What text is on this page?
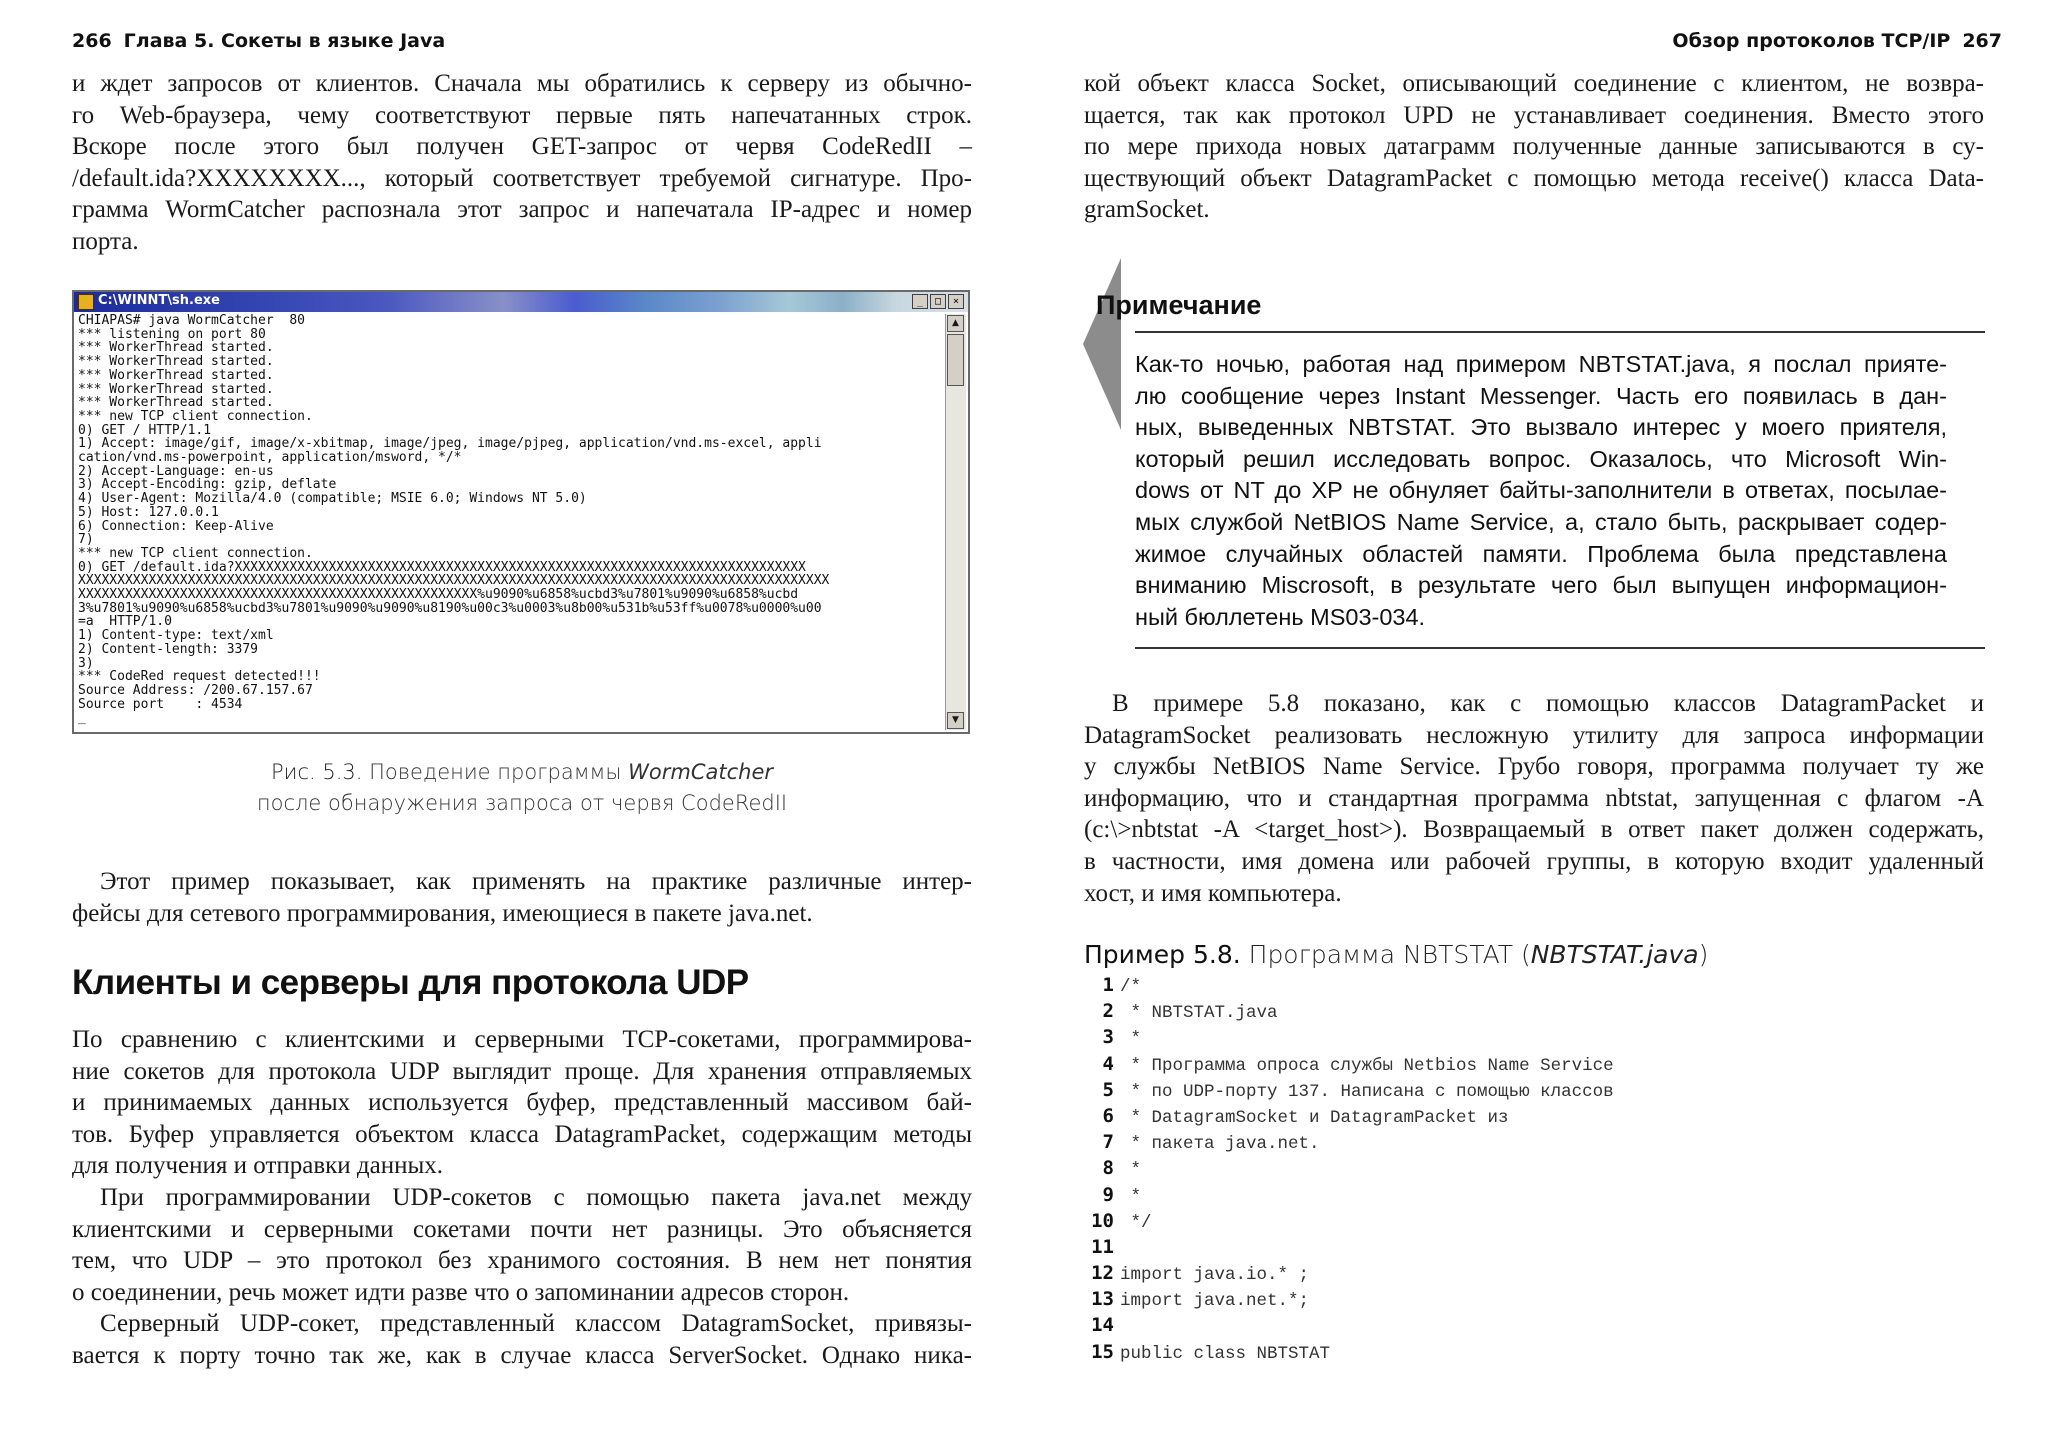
266 Глава 5. Сокеты в языке Java
и ждет запросов от клиентов. Сначала мы обратились к серверу из обычно-
го Web-браузера, чему соответствуют первые пять напечатанных строк.
Вскоре после этого был получен GET-запрос от червя CodeRedII –
/default.ida?XXXXXXXX..., который соответствует требуемой сигнатуре. Про-
грамма WormCatcher распознала этот запрос и напечатала IP-адрес и номер
порта.
C:\WINNT\sh.exe	_	□	×
CHIAPAS# java WormCatcher  80
*** listening on port 80
*** WorkerThread started.
*** WorkerThread started.
*** WorkerThread started.
*** WorkerThread started.
*** WorkerThread started.
*** new TCP client connection.
0) GET / HTTP/1.1
1) Accept: image/gif, image/x-xbitmap, image/jpeg, image/pjpeg, application/vnd.ms-excel, appli
cation/vnd.ms-powerpoint, application/msword, */*
2) Accept-Language: en-us
3) Accept-Encoding: gzip, deflate
4) User-Agent: Mozilla/4.0 (compatible; MSIE 6.0; Windows NT 5.0)
5) Host: 127.0.0.1
6) Connection: Keep-Alive
7)
*** new TCP client connection.
0) GET /default.ida?XXXXXXXXXXXXXXXXXXXXXXXXXXXXXXXXXXXXXXXXXXXXXXXXXXXXXXXXXXXXXXXXXXXXXXXXX
XXXXXXXXXXXXXXXXXXXXXXXXXXXXXXXXXXXXXXXXXXXXXXXXXXXXXXXXXXXXXXXXXXXXXXXXXXXXXXXXXXXXXXXXXXXXXXXX
XXXXXXXXXXXXXXXXXXXXXXXXXXXXXXXXXXXXXXXXXXXXXXXXXXX%u9090%u6858%ucbd3%u7801%u9090%u6858%ucbd
3%u7801%u9090%u6858%ucbd3%u7801%u9090%u9090%u8190%u00c3%u0003%u8b00%u531b%u53ff%u0078%u0000%u00
=a  HTTP/1.0
1) Content-type: text/xml
2) Content-length: 3379
3)
*** CodeRed request detected!!!
Source Address: /200.67.157.67
Source port    : 4534
_
▲
▼
Рис. 5.3. Поведение программы WormCatcher
после обнаружения запроса от червя CodeRedII
Этот пример показывает, как применять на практике различные интер-
фейсы для сетевого программирования, имеющиеся в пакете java.net.
Клиенты и серверы для протокола UDP
По сравнению с клиентскими и серверными TCP-сокетами, программирова-
ние сокетов для протокола UDP выглядит проще. Для хранения отправляемых
и принимаемых данных используется буфер, представленный массивом бай-
тов. Буфер управляется объектом класса DatagramPacket, содержащим методы
для получения и отправки данных.
При программировании UDP-сокетов с помощью пакета java.net между
клиентскими и серверными сокетами почти нет разницы. Это объясняется
тем, что UDP – это протокол без хранимого состояния. В нем нет понятия
о соединении, речь может идти разве что о запоминании адресов сторон.
Серверный UDP-сокет, представленный классом DatagramSocket, привязы-
вается к порту точно так же, как в случае класса ServerSocket. Однако ника-
Обзор протоколов TCP/IP 267
кой объект класса Socket, описывающий соединение с клиентом, не возвра-
щается, так как протокол UPD не устанавливает соединения. Вместо этого
по мере прихода новых датаграмм полученные данные записываются в су-
ществующий объект DatagramPacket с помощью метода receive() класса Data-
gramSocket.
Примечание
Как-то ночью, работая над примером NBTSTAT.java, я послал прияте-
лю сообщение через Instant Messenger. Часть его появилась в дан-
ных, выведенных NBTSTAT. Это вызвало интерес у моего приятеля,
который решил исследовать вопрос. Оказалось, что Microsoft Win-
dows от NT до XP не обнуляет байты-заполнители в ответах, посылае-
мых службой NetBIOS Name Service, а, стало быть, раскрывает содер-
жимое случайных областей памяти. Проблема была представлена
вниманию Miscrosoft, в результате чего был выпущен информацион-
ный бюллетень MS03-034.
В примере 5.8 показано, как с помощью классов DatagramPacket и
DatagramSocket реализовать несложную утилиту для запроса информации
у службы NetBIOS Name Service. Грубо говоря, программа получает ту же
информацию, что и стандартная программа nbtstat, запущенная с флагом -A
(c:\>nbtstat -A <target_host>). Возвращаемый в ответ пакет должен содержать,
в частности, имя домена или рабочей группы, в которую входит удаленный
хост, и имя компьютера.
Пример 5.8. Программа NBTSTAT (NBTSTAT.java)
1 /*
2 * NBTSTAT.java
3 *
4 * Программа опроса службы Netbios Name Service
5 * по UDP-порту 137. Написана с помощью классов
6 * DatagramSocket и DatagramPacket из
7 * пакета java.net.
8 *
9 *
10 */
11
12 import java.io.* ;
13 import java.net.*;
14
15 public class NBTSTAT
